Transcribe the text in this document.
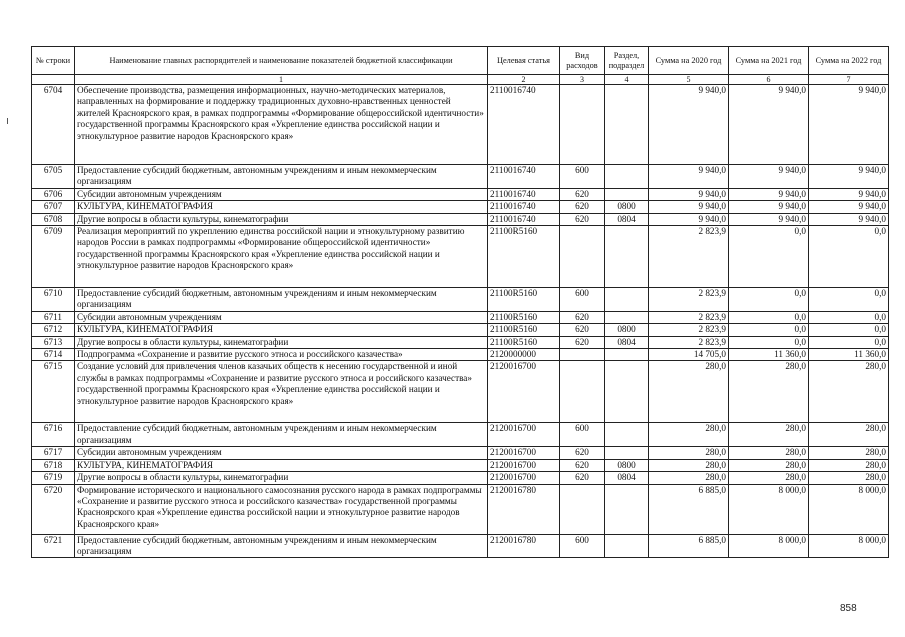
№ строки	Наименование главных распорядителей и наименование показателей бюджетной классификации	Целевая статья	Вид расходов	Раздел, подраздел	Сумма на 2020 год	Сумма на 2021 год	Сумма на 2022 год
	1	2	3	4	5	6	7
6704	Обеспечение производства, размещения информационных, научно-методических материалов, направленных на формирование и поддержку традиционных духовно-нравственных ценностей жителей Красноярского края, в рамках подпрограммы «Формирование общероссийской идентичности» государственной программы Красноярского края «Укрепление единства российской нации и этнокультурное развитие народов Красноярского края»	2110016740			9 940,0	9 940,0	9 940,0
6705	Предоставление субсидий бюджетным, автономным учреждениям и иным некоммерческим организациям	2110016740	600		9 940,0	9 940,0	9 940,0
6706	Субсидии автономным учреждениям	2110016740	620		9 940,0	9 940,0	9 940,0
6707	КУЛЬТУРА, КИНЕМАТОГРАФИЯ	2110016740	620	0800	9 940,0	9 940,0	9 940,0
6708	Другие вопросы в области культуры, кинематографии	2110016740	620	0804	9 940,0	9 940,0	9 940,0
6709	Реализация мероприятий по укреплению единства российской нации и этнокультурному развитию народов России в рамках подпрограммы «Формирование общероссийской идентичности» государственной программы Красноярского края «Укрепление единства российской нации и этнокультурное развитие народов Красноярского края»	21100R5160			2 823,9	0,0	0,0
6710	Предоставление субсидий бюджетным, автономным учреждениям и иным некоммерческим организациям	21100R5160	600		2 823,9	0,0	0,0
6711	Субсидии автономным учреждениям	21100R5160	620		2 823,9	0,0	0,0
6712	КУЛЬТУРА, КИНЕМАТОГРАФИЯ	21100R5160	620	0800	2 823,9	0,0	0,0
6713	Другие вопросы в области культуры, кинематографии	21100R5160	620	0804	2 823,9	0,0	0,0
6714	Подпрограмма «Сохранение и развитие русского этноса и российского казачества»	2120000000			14 705,0	11 360,0	11 360,0
6715	Создание условий для привлечения членов казачьих обществ к несению государственной и иной службы в рамках подпрограммы «Сохранение и развитие русского этноса и российского казачества» государственной программы Красноярского края «Укрепление единства российской нации и этнокультурное развитие народов Красноярского края»	2120016700			280,0	280,0	280,0
6716	Предоставление субсидий бюджетным, автономным учреждениям и иным некоммерческим организациям	2120016700	600		280,0	280,0	280,0
6717	Субсидии автономным учреждениям	2120016700	620		280,0	280,0	280,0
6718	КУЛЬТУРА, КИНЕМАТОГРАФИЯ	2120016700	620	0800	280,0	280,0	280,0
6719	Другие вопросы в области культуры, кинематографии	2120016700	620	0804	280,0	280,0	280,0
6720	Формирование исторического и национального самосознания русского народа в рамках подпрограммы «Сохранение и развитие русского этноса и российского казачества» государственной программы Красноярского края «Укрепление единства российской нации и этнокультурное развитие народов Красноярского края»	2120016780			6 885,0	8 000,0	8 000,0
6721	Предоставление субсидий бюджетным, автономным учреждениям и иным некоммерческим организациям	2120016780	600		6 885,0	8 000,0	8 000,0
858
